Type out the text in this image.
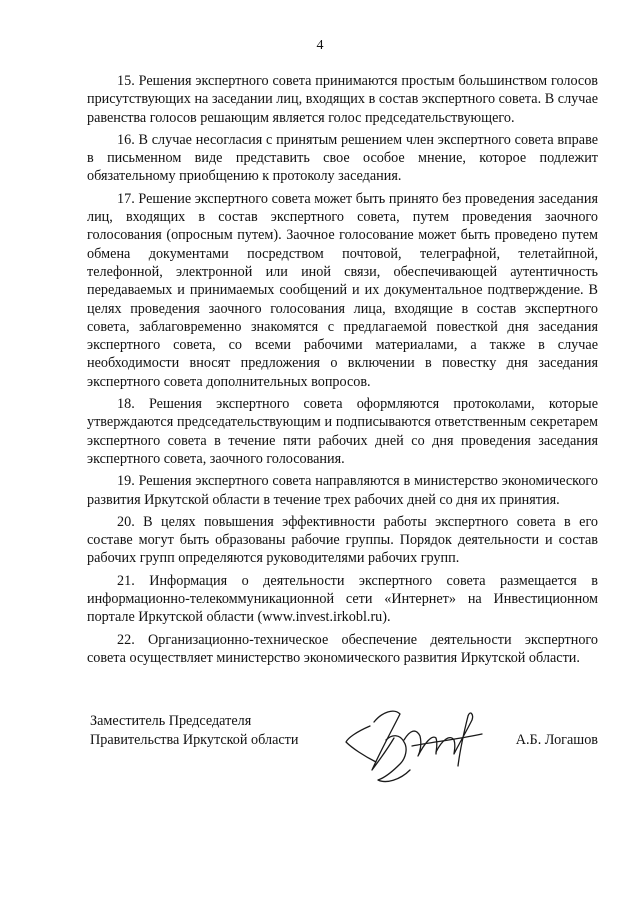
4

15. Решения экспертного совета принимаются простым большинством голосов присутствующих на заседании лиц, входящих в состав экспертного совета. В случае равенства голосов решающим является голос председательствующего.

16. В случае несогласия с принятым решением член экспертного совета вправе в письменном виде представить свое особое мнение, которое подлежит обязательному приобщению к протоколу заседания.

17. Решение экспертного совета может быть принято без проведения заседания лиц, входящих в состав экспертного совета, путем проведения заочного голосования (опросным путем). Заочное голосование может быть проведено путем обмена документами посредством почтовой, телеграфной, телетайпной, телефонной, электронной или иной связи, обеспечивающей аутентичность передаваемых и принимаемых сообщений и их документальное подтверждение. В целях проведения заочного голосования лица, входящие в состав экспертного совета, заблаговременно знакомятся с предлагаемой повесткой дня заседания экспертного совета, со всеми рабочими материалами, а также в случае необходимости вносят предложения о включении в повестку дня заседания экспертного совета дополнительных вопросов.

18. Решения экспертного совета оформляются протоколами, которые утверждаются председательствующим и подписываются ответственным секретарем экспертного совета в течение пяти рабочих дней со дня проведения заседания экспертного совета, заочного голосования.

19. Решения экспертного совета направляются в министерство экономического развития Иркутской области в течение трех рабочих дней со дня их принятия.

20. В целях повышения эффективности работы экспертного совета в его составе могут быть образованы рабочие группы. Порядок деятельности и состав рабочих групп определяются руководителями рабочих групп.

21. Информация о деятельности экспертного совета размещается в информационно-телекоммуникационной сети «Интернет» на Инвестиционном портале Иркутской области (www.invest.irkobl.ru).

22. Организационно-техническое обеспечение деятельности экспертного совета осуществляет министерство экономического развития Иркутской области.

Заместитель Председателя
Правительства Иркутской области	А.Б. Логашов
